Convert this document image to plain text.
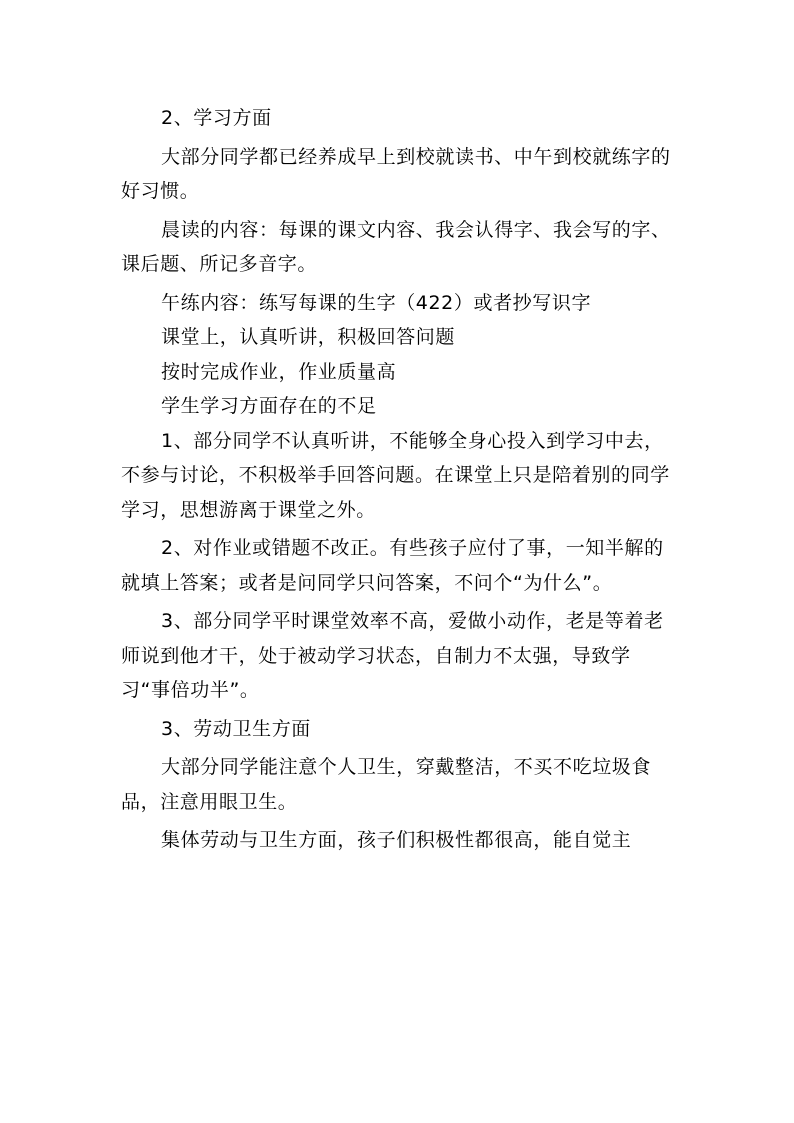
2、学习方面

大部分同学都已经养成早上到校就读书、中午到校就练字的好习惯。

晨读的内容：每课的课文内容、我会认得字、我会写的字、课后题、所记多音字。

午练内容：练写每课的生字（422）或者抄写识字

课堂上，认真听讲，积极回答问题

按时完成作业，作业质量高

学生学习方面存在的不足

1、部分同学不认真听讲，不能够全身心投入到学习中去，不参与讨论，不积极举手回答问题。在课堂上只是陪着别的同学学习，思想游离于课堂之外。

2、对作业或错题不改正。有些孩子应付了事，一知半解的就填上答案；或者是问同学只问答案，不问个“为什么”。

3、部分同学平时课堂效率不高，爱做小动作，老是等着老师说到他才干，处于被动学习状态，自制力不太强，导致学习“事倍功半”。

3、劳动卫生方面

大部分同学能注意个人卫生，穿戴整洁，不买不吃垃圾食品，注意用眼卫生。

集体劳动与卫生方面，孩子们积极性都很高，能自觉主
